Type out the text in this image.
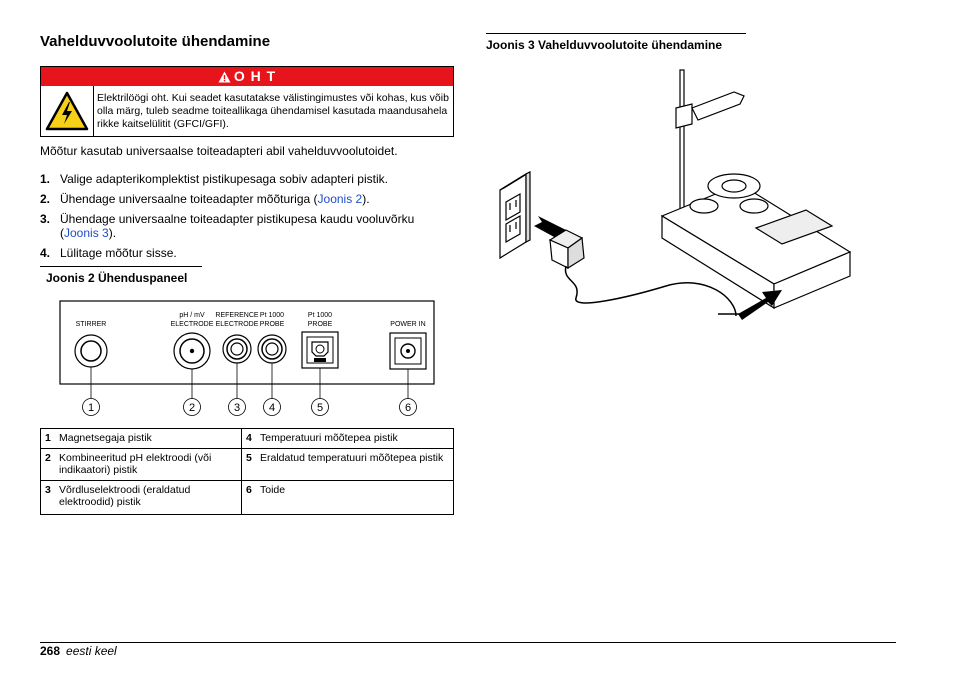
Vahelduvvoolutoite ühendamine
O H T
Elektrilöögi oht. Kui seadet kasutatakse välistingimustes või kohas, kus võib olla märg, tuleb seadme toiteallikaga ühendamisel kasutada maandusahela rikke kaitselülitit (GFCI/GFI).
Mõõtur kasutab universaalse toiteadapteri abil vahelduvvoolutoidet.
1. Valige adapterikomplektist pistikupesaga sobiv adapteri pistik.
2. Ühendage universaalne toiteadapter mõõturiga (Joonis 2).
3. Ühendage universaalne toiteadapter pistikupesa kaudu vooluvõrku (Joonis 3).
4. Lülitage mõõtur sisse.
Joonis 2 Ühenduspaneel
STIRRER
pH / mV
ELECTRODE
REFERENCE
ELECTRODE
Pt 1000
PROBE
Pt 1000
PROBE	POWER IN
1	2	3	4	5	6
1	Magnetsegaja pistik	4	Temperatuuri mõõtepea pistik
2	Kombineeritud pH elektroodi (või indikaatori) pistik	5	Eraldatud temperatuuri mõõtepea pistik
3	Võrdluselektroodi (eraldatud elektroodid) pistik	6	Toide
Joonis 3 Vahelduvvoolutoite ühendamine
268 eesti keel
